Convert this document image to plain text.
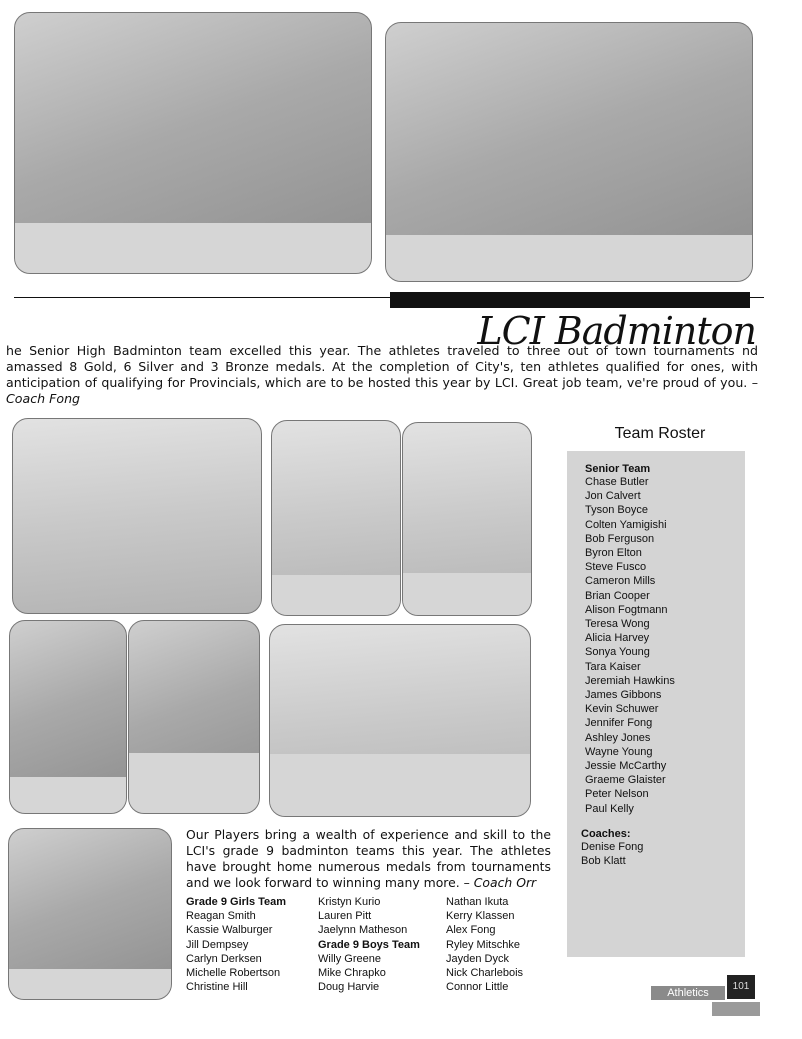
LCI Badminton
he Senior High Badminton team excelled this year. The athletes traveled to three out of town tournaments nd amassed 8 Gold, 6 Silver and 3 Bronze medals. At the completion of City's, ten athletes qualified for ones, with anticipation of qualifying for Provincials, which are to be hosted this year by LCI. Great job team, ve're proud of you. – Coach Fong
Team Roster
Senior Team
Chase Butler
Jon Calvert
Tyson Boyce
Colten Yamigishi
Bob Ferguson
Byron Elton
Steve Fusco
Cameron Mills
Brian Cooper
Alison Fogtmann
Teresa Wong
Alicia Harvey
Sonya Young
Tara Kaiser
Jeremiah Hawkins
James Gibbons
Kevin Schuwer
Jennifer Fong
Ashley Jones
Wayne Young
Jessie McCarthy
Graeme Glaister
Peter Nelson
Paul Kelly
Coaches:
Denise Fong
Bob Klatt
Our Players bring a wealth of experience and skill to the LCI's grade 9 badminton teams this year. The athletes have brought home numerous medals from tournaments and we look forward to winning many more. – Coach Orr
Grade 9 Girls Team
Reagan Smith
Kassie Walburger
Jill Dempsey
Carlyn Derksen
Michelle Robertson
Christine Hill
Kristyn Kurio
Lauren Pitt
Jaelynn Matheson
Grade 9 Boys Team
Willy Greene
Mike Chrapko
Doug Harvie
Nathan Ikuta
Kerry Klassen
Alex Fong
Ryley Mitschke
Jayden Dyck
Nick Charlebois
Connor Little	Athletics
101
